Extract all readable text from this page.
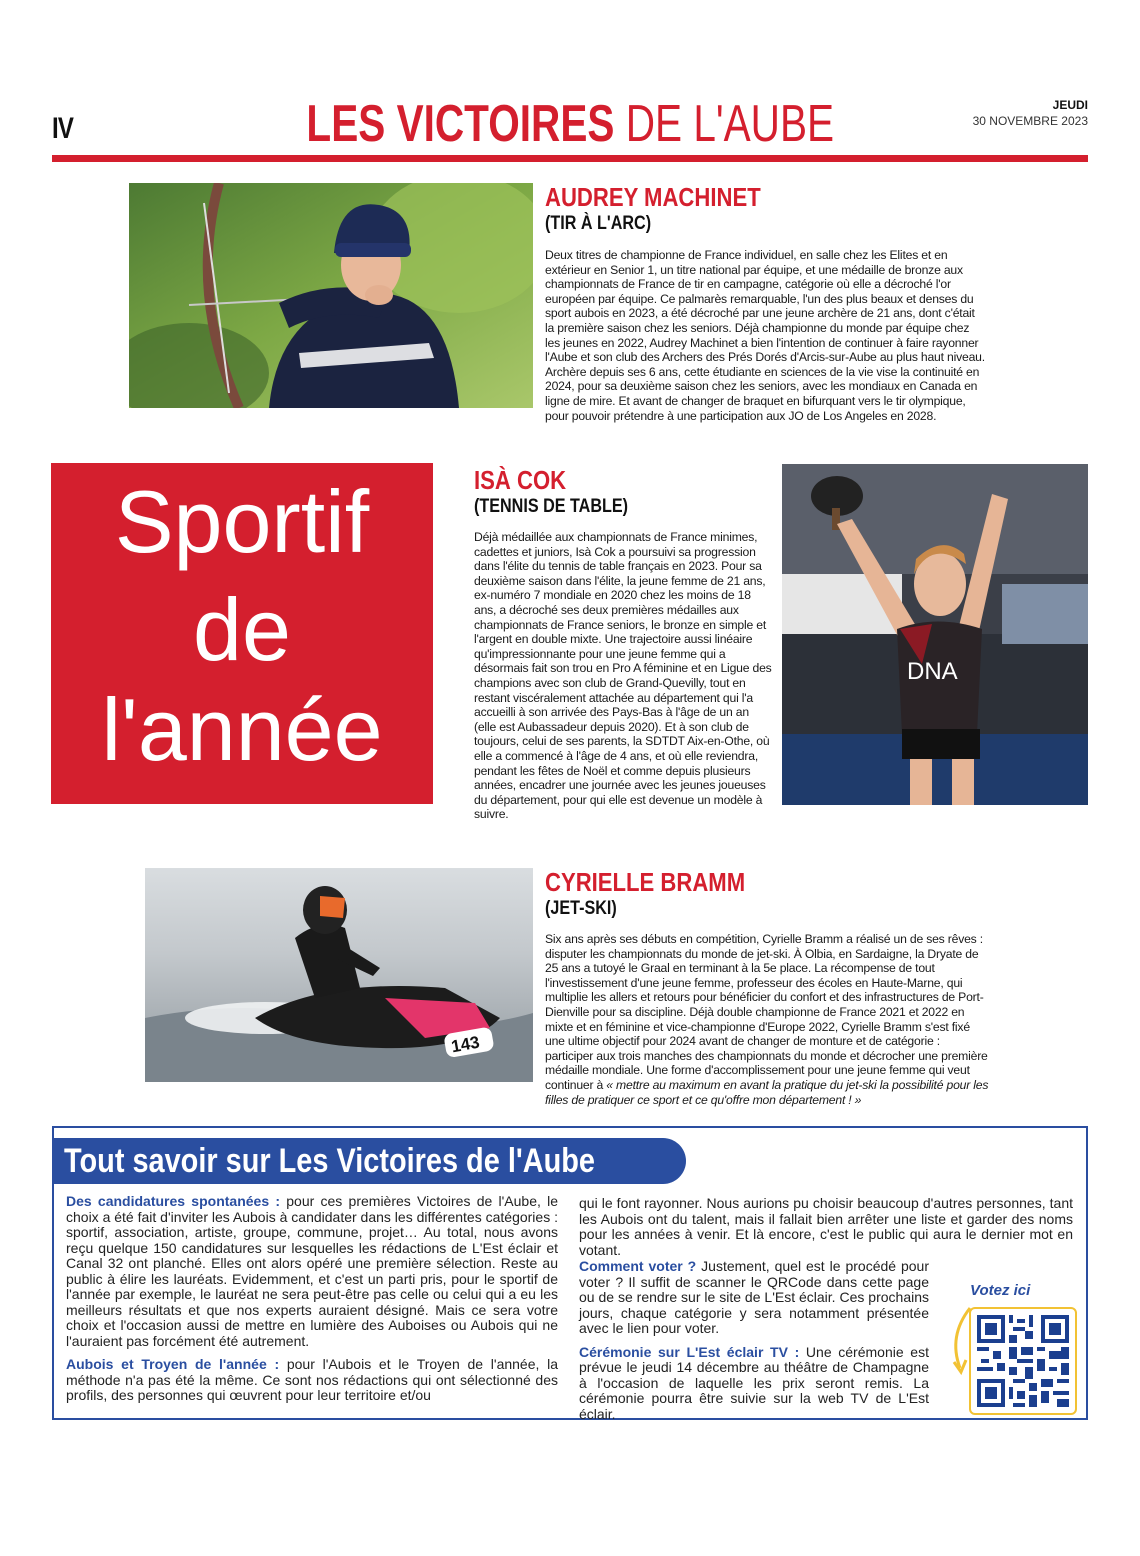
IV	LES VICTOIRES DE L'AUBE	JEUDI
30 NOVEMBRE 2023
AUDREY MACHINET
(TIR À L'ARC)
Deux titres de championne de France individuel, en salle chez les Elites et en extérieur en Senior 1, un titre national par équipe, et une médaille de bronze aux championnats de France de tir en campagne, catégorie où elle a décroché l'or européen par équipe. Ce palmarès remarquable, l'un des plus beaux et denses du sport aubois en 2023, a été décroché par une jeune archère de 21 ans, dont c'était la première saison chez les seniors. Déjà championne du monde par équipe chez les jeunes en 2022, Audrey Machinet a bien l'intention de continuer à faire rayonner l'Aube et son club des Archers des Prés Dorés d'Arcis-sur-Aube au plus haut niveau. Archère depuis ses 6 ans, cette étudiante en sciences de la vie vise la continuité en 2024, pour sa deuxième saison chez les seniors, avec les mondiaux en Canada en ligne de mire. Et avant de changer de braquet en bifurquant vers le tir olympique, pour pouvoir prétendre à une participation aux JO de Los Angeles en 2028.
Sportif
de
l'année
ISÀ COK
(TENNIS DE TABLE)
Déjà médaillée aux championnats de France minimes, cadettes et juniors, Isà Cok a poursuivi sa progression dans l'élite du tennis de table français en 2023. Pour sa deuxième saison dans l'élite, la jeune femme de 21 ans, ex-numéro 7 mondiale en 2020 chez les moins de 18 ans, a décroché ses deux premières médailles aux championnats de France seniors, le bronze en simple et l'argent en double mixte. Une trajectoire aussi linéaire qu'impressionnante pour une jeune femme qui a désormais fait son trou en Pro A féminine et en Ligue des champions avec son club de Grand-Quevilly, tout en restant viscéralement attachée au département qui l'a accueilli à son arrivée des Pays-Bas à l'âge de un an (elle est Aubassadeur depuis 2020). Et à son club de toujours, celui de ses parents, la SDTDT Aix-en-Othe, où elle a commencé à l'âge de 4 ans, et où elle reviendra, pendant les fêtes de Noël et comme depuis plusieurs années, encadrer une journée avec les jeunes joueuses du département, pour qui elle est devenue un modèle à suivre.
DNA
143
CYRIELLE BRAMM
(JET-SKI)
Six ans après ses débuts en compétition, Cyrielle Bramm a réalisé un de ses rêves : disputer les championnats du monde de jet-ski. À Olbia, en Sardaigne, la Dryate de 25 ans a tutoyé le Graal en terminant à la 5e place. La récompense de tout l'investissement d'une jeune femme, professeur des écoles en Haute-Marne, qui multiplie les allers et retours pour bénéficier du confort et des infrastructures de Port-Dienville pour sa discipline. Déjà double championne de France 2021 et 2022 en mixte et en féminine et vice-championne d'Europe 2022, Cyrielle Bramm s'est fixé une ultime objectif pour 2024 avant de changer de monture et de catégorie : participer aux trois manches des championnats du monde et décrocher une première médaille mondiale. Une forme d'accomplissement pour une jeune femme qui veut continuer à « mettre au maximum en avant la pratique du jet-ski la possibilité pour les filles de pratiquer ce sport et ce qu'offre mon département ! »
Tout savoir sur Les Victoires de l'Aube

Des candidatures spontanées : pour ces premières Victoires de l'Aube, le choix a été fait d'inviter les Aubois à candidater dans les différentes catégories : sportif, association, artiste, groupe, commune, projet… Au total, nous avons reçu quelque 150 candidatures sur lesquelles les rédactions de L'Est éclair et Canal 32 ont planché. Elles ont alors opéré une première sélection. Reste au public à élire les lauréats. Evidemment, et c'est un parti pris, pour le sportif de l'année par exemple, le lauréat ne sera peut-être pas celle ou celui qui a eu les meilleurs résultats et que nos experts auraient désigné. Mais ce sera votre choix et l'occasion aussi de mettre en lumière des Auboises ou Aubois qui ne l'auraient pas forcément été autrement.

Aubois et Troyen de l'année : pour l'Aubois et le Troyen de l'année, la méthode n'a pas été la même. Ce sont nos rédactions qui ont sélectionné des profils, des personnes qui œuvrent pour leur territoire et/ou

qui le font rayonner. Nous aurions pu choisir beaucoup d'autres personnes, tant les Aubois ont du talent, mais il fallait bien arrêter une liste et garder des noms pour les années à venir. Et là encore, c'est le public qui aura le dernier mot en votant.

Comment voter ? Justement, quel est le procédé pour voter ? Il suffit de scanner le QRCode dans cette page ou de se rendre sur le site de L'Est éclair. Ces prochains jours, chaque catégorie y sera notamment présentée avec le lien pour voter.

Cérémonie sur L'Est éclair TV : Une cérémonie est prévue le jeudi 14 décembre au théâtre de Champagne à l'occasion de laquelle les prix seront remis. La cérémonie pourra être suivie sur la web TV de L'Est éclair.

Votez ici
